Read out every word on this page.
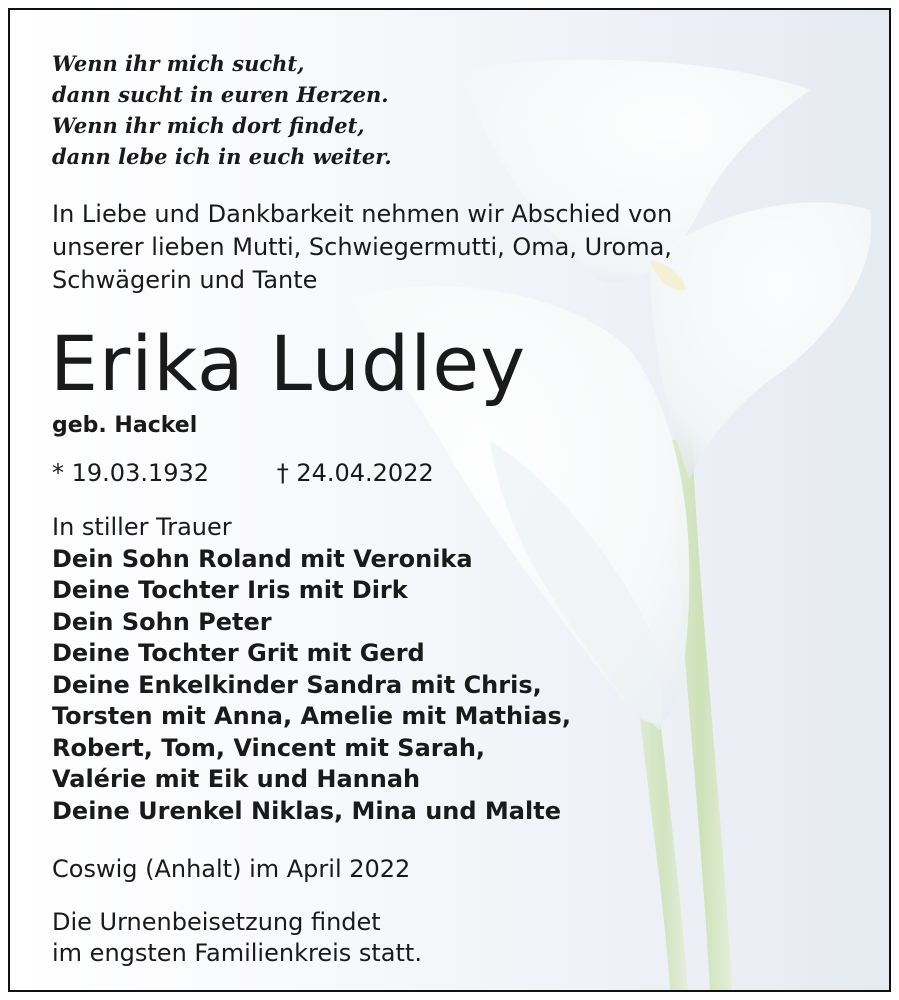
Wenn ihr mich sucht,
dann sucht in euren Herzen.
Wenn ihr mich dort findet,
dann lebe ich in euch weiter.
In Liebe und Dankbarkeit nehmen wir Abschied von
unserer lieben Mutti, Schwiegermutti, Oma, Uroma,
Schwägerin und Tante
Erika Ludley
geb. Hackel
* 19.03.1932	† 24.04.2022
In stiller Trauer
Dein Sohn Roland mit Veronika
Deine Tochter Iris mit Dirk
Dein Sohn Peter
Deine Tochter Grit mit Gerd
Deine Enkelkinder Sandra mit Chris,
Torsten mit Anna, Amelie mit Mathias,
Robert, Tom, Vincent mit Sarah,
Valérie mit Eik und Hannah
Deine Urenkel Niklas, Mina und Malte
Coswig (Anhalt) im April 2022
Die Urnenbeisetzung findet
im engsten Familienkreis statt.
